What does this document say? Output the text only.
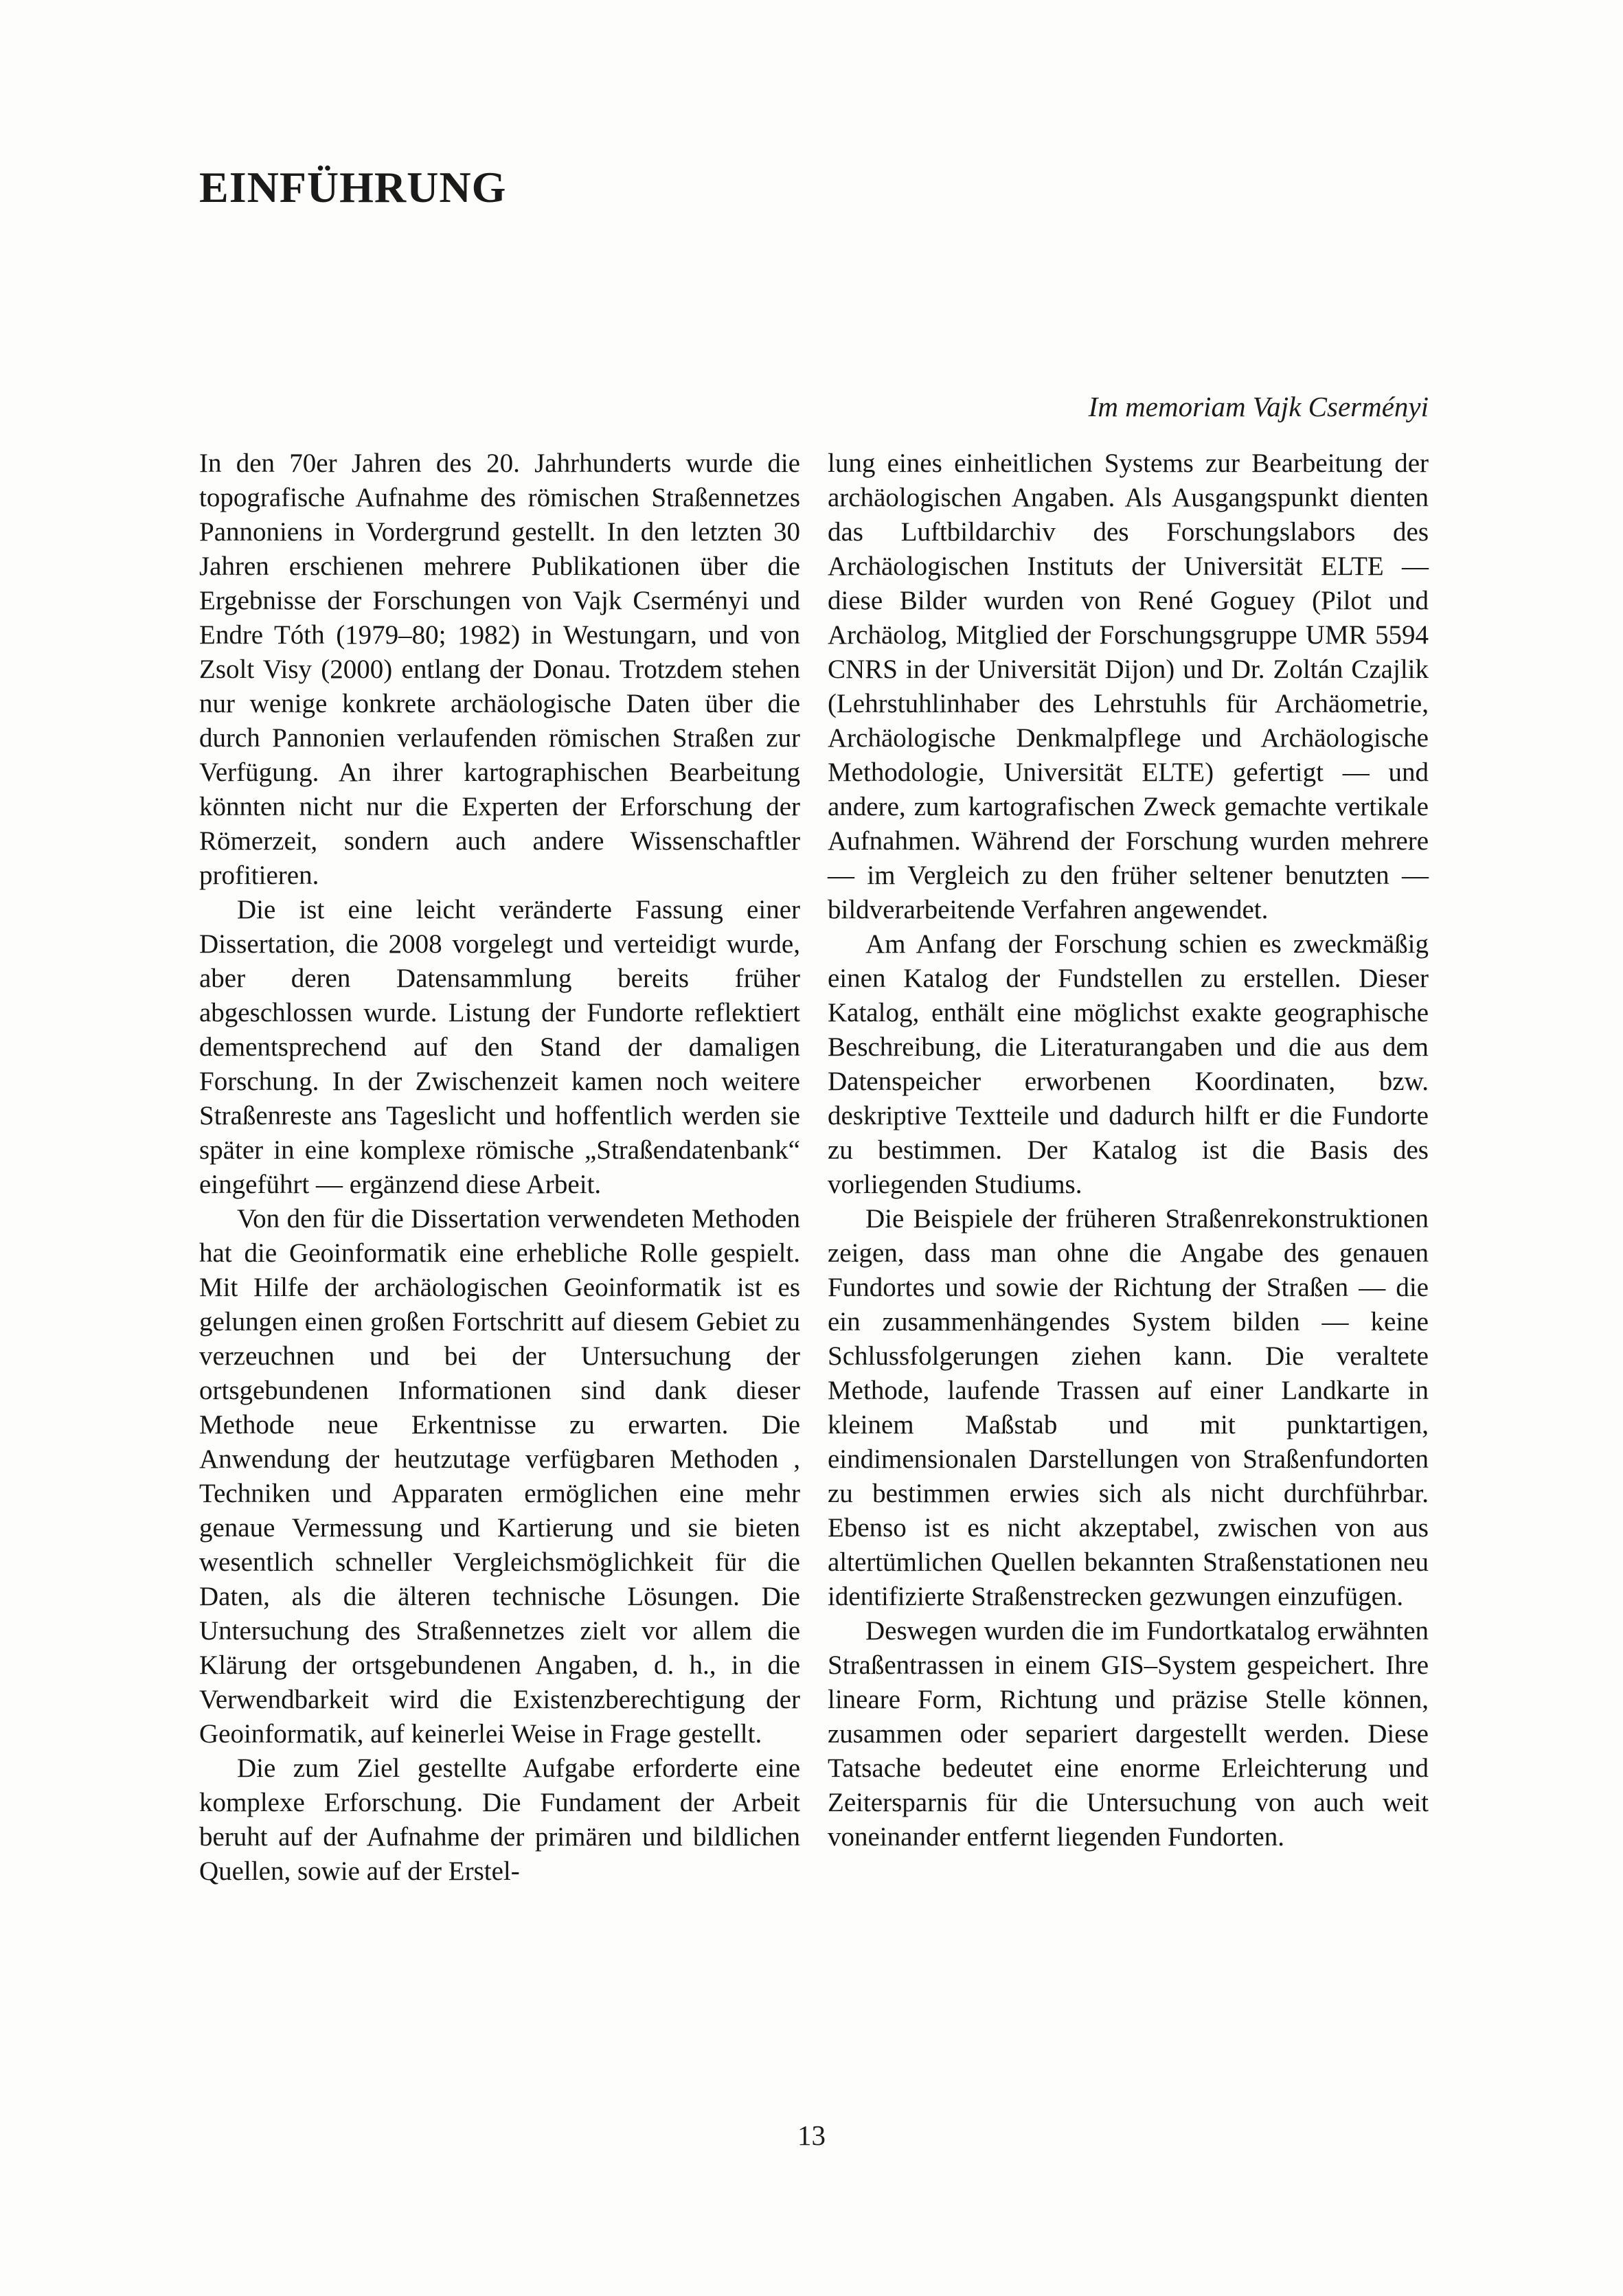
EINFÜHRUNG
Im memoriam Vajk Cserményi

In den 70er Jahren des 20. Jahrhunderts wurde die topografische Aufnahme des römischen Straßennetzes Pannoniens in Vordergrund gestellt. In den letzten 30 Jahren erschienen mehrere Publikationen über die Ergebnisse der Forschungen von Vajk Cserményi und Endre Tóth (1979–80; 1982) in Westungarn, und von Zsolt Visy (2000) entlang der Donau. Trotzdem stehen nur wenige konkrete archäologische Daten über die durch Pannonien verlaufenden römischen Straßen zur Verfügung. An ihrer kartographischen Bearbeitung könnten nicht nur die Experten der Erforschung der Römerzeit, sondern auch andere Wissenschaftler profitieren.

Die ist eine leicht veränderte Fassung einer Dissertation, die 2008 vorgelegt und verteidigt wurde, aber deren Datensammlung bereits früher abgeschlossen wurde. Listung der Fundorte reflektiert dementsprechend auf den Stand der damaligen Forschung. In der Zwischenzeit kamen noch weitere Straßenreste ans Tageslicht und hoffentlich werden sie später in eine komplexe römische „Straßendatenbank“ eingeführt — ergänzend diese Arbeit.

Von den für die Dissertation verwendeten Methoden hat die Geoinformatik eine erhebliche Rolle gespielt. Mit Hilfe der archäologischen Geoinformatik ist es gelungen einen großen Fortschritt auf diesem Gebiet zu verzeuchnen und bei der Untersuchung der ortsgebundenen Informationen sind dank dieser Methode neue Erkentnisse zu erwarten. Die Anwendung der heutzutage verfügbaren Methoden , Techniken und Apparaten ermöglichen eine mehr genaue Vermessung und Kartierung und sie bieten wesentlich schneller Vergleichsmöglichkeit für die Daten, als die älteren technische Lösungen. Die Untersuchung des Straßennetzes zielt vor allem die Klärung der ortsgebundenen Angaben, d. h., in die Verwendbarkeit wird die Existenzberechtigung der Geoinformatik, auf keinerlei Weise in Frage gestellt.

Die zum Ziel gestellte Aufgabe erforderte eine komplexe Erforschung. Die Fundament der Arbeit beruht auf der Aufnahme der primären und bildlichen Quellen, sowie auf der Erstel-

lung eines einheitlichen Systems zur Bearbeitung der archäologischen Angaben. Als Ausgangspunkt dienten das Luftbildarchiv des Forschungslabors des Archäologischen Instituts der Universität ELTE — diese Bilder wurden von René Goguey (Pilot und Archäolog, Mitglied der Forschungsgruppe UMR 5594 CNRS in der Universität Dijon) und Dr. Zoltán Czajlik (Lehrstuhlinhaber des Lehrstuhls für Archäometrie, Archäologische Denkmalpflege und Archäologische Methodologie, Universität ELTE) gefertigt — und andere, zum kartografischen Zweck gemachte vertikale Aufnahmen. Während der Forschung wurden mehrere — im Vergleich zu den früher seltener benutzten — bildverarbeitende Verfahren angewendet.

Am Anfang der Forschung schien es zweckmäßig einen Katalog der Fundstellen zu erstellen. Dieser Katalog, enthält eine möglichst exakte geographische Beschreibung, die Literaturangaben und die aus dem Datenspeicher erworbenen Koordinaten, bzw. deskriptive Textteile und dadurch hilft er die Fundorte zu bestimmen. Der Katalog ist die Basis des vorliegenden Studiums.

Die Beispiele der früheren Straßenrekonstruktionen zeigen, dass man ohne die Angabe des genauen Fundortes und sowie der Richtung der Straßen — die ein zusammenhängendes System bilden — keine Schlussfolgerungen ziehen kann. Die veraltete Methode, laufende Trassen auf einer Landkarte in kleinem Maßstab und mit punktartigen, eindimensionalen Darstellungen von Straßenfundorten zu bestimmen erwies sich als nicht durchführbar. Ebenso ist es nicht akzeptabel, zwischen von aus altertümlichen Quellen bekannten Straßenstationen neu identifizierte Straßenstrecken gezwungen einzufügen.

Deswegen wurden die im Fundortkatalog erwähnten Straßentrassen in einem GIS–System gespeichert. Ihre lineare Form, Richtung und präzise Stelle können, zusammen oder separiert dargestellt werden. Diese Tatsache bedeutet eine enorme Erleichterung und Zeitersparnis für die Untersuchung von auch weit voneinander entfernt liegenden Fundorten.

13
